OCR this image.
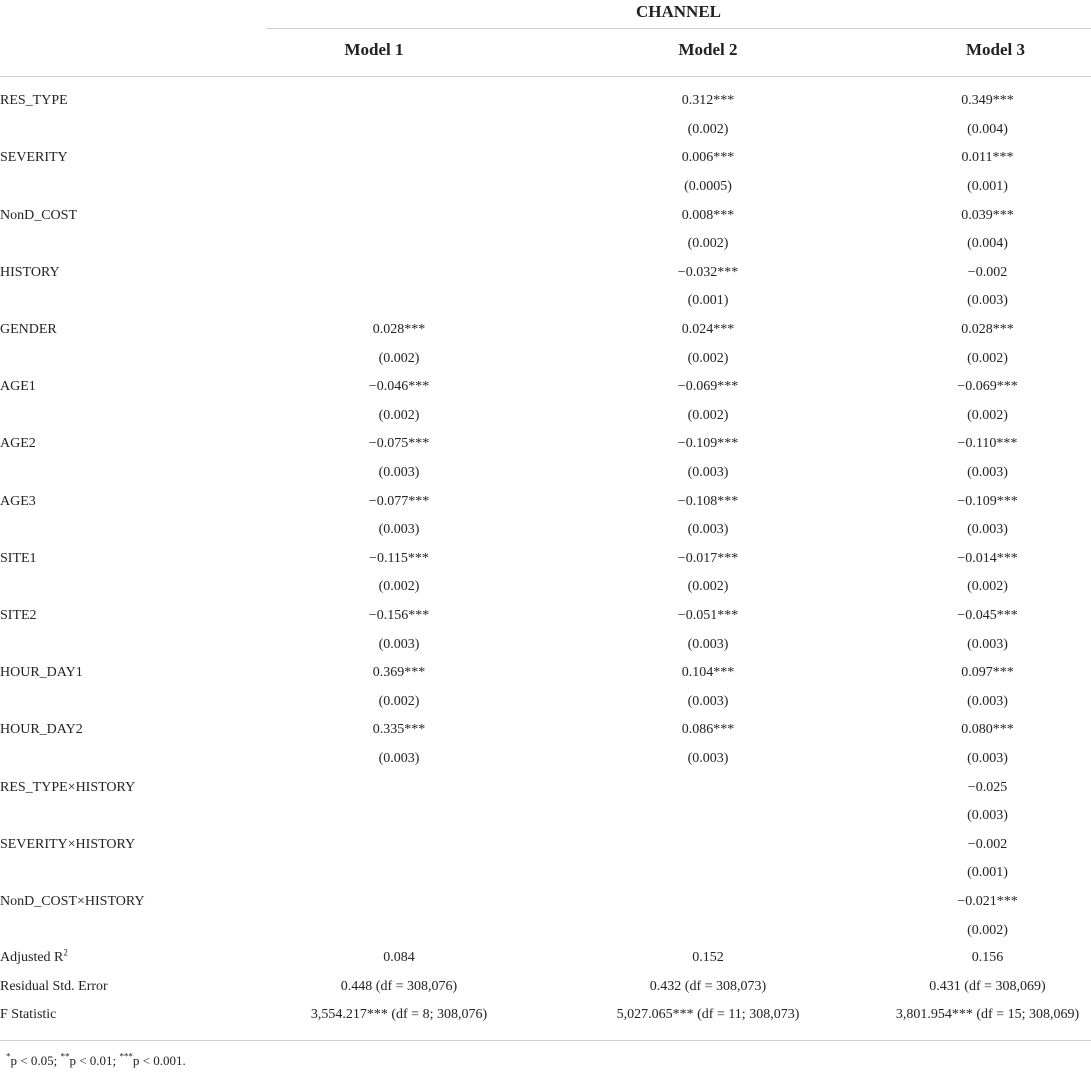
CHANNEL
Model 1	Model 2	Model 3
RES_TYPE		0.312***	0.349***
		(0.002)	(0.004)
SEVERITY		0.006***	0.011***
		(0.0005)	(0.001)
NonD_COST		0.008***	0.039***
		(0.002)	(0.004)
HISTORY		−0.032***	−0.002
		(0.001)	(0.003)
GENDER	0.028***	0.024***	0.028***
	(0.002)	(0.002)	(0.002)
AGE1	−0.046***	−0.069***	−0.069***
	(0.002)	(0.002)	(0.002)
AGE2	−0.075***	−0.109***	−0.110***
	(0.003)	(0.003)	(0.003)
AGE3	−0.077***	−0.108***	−0.109***
	(0.003)	(0.003)	(0.003)
SITE1	−0.115***	−0.017***	−0.014***
	(0.002)	(0.002)	(0.002)
SITE2	−0.156***	−0.051***	−0.045***
	(0.003)	(0.003)	(0.003)
HOUR_DAY1	0.369***	0.104***	0.097***
	(0.002)	(0.003)	(0.003)
HOUR_DAY2	0.335***	0.086***	0.080***
	(0.003)	(0.003)	(0.003)
RES_TYPE×HISTORY			−0.025
			(0.003)
SEVERITY×HISTORY			−0.002
			(0.001)
NonD_COST×HISTORY			−0.021***
			(0.002)
Adjusted $R^2$	0.084	0.152	0.156
Residual Std. Error	0.448 (df = 308,076)	0.432 (df = 308,073)	0.431 (df = 308,069)
F Statistic	3,554.217*** (df = 8; 308,076)	5,027.065*** (df = 11; 308,073)	3,801.954*** (df = 15; 308,069)
*p < 0.05; **p < 0.01; ***p < 0.001.
